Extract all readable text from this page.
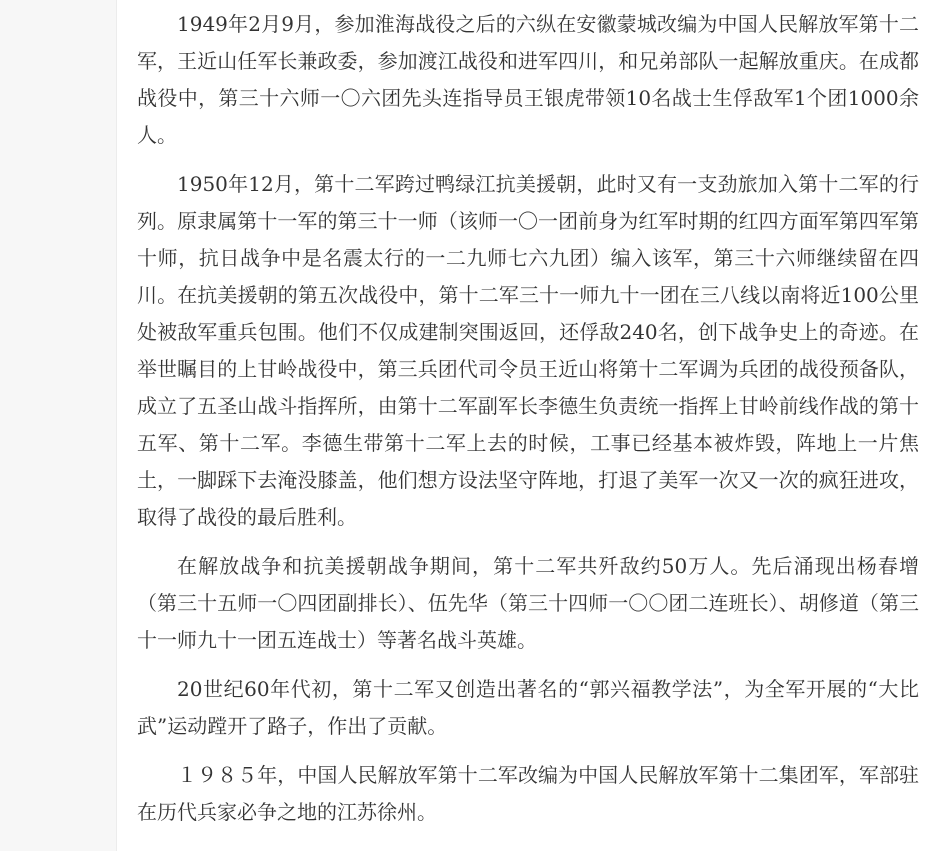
1949年2月9月，参加淮海战役之后的六纵在安徽蒙城改编为中国人民解放军第十二军，王近山任军长兼政委，参加渡江战役和进军四川，和兄弟部队一起解放重庆。在成都战役中，第三十六师一〇六团先头连指导员王银虎带领10名战士生俘敌军1个团1000余人。

1950年12月，第十二军跨过鸭绿江抗美援朝，此时又有一支劲旅加入第十二军的行列。原隶属第十一军的第三十一师（该师一〇一团前身为红军时期的红四方面军第四军第十师，抗日战争中是名震太行的一二九师七六九团）编入该军，第三十六师继续留在四川。在抗美援朝的第五次战役中，第十二军三十一师九十一团在三八线以南将近100公里处被敌军重兵包围。他们不仅成建制突围返回，还俘敌240名，创下战争史上的奇迹。在举世瞩目的上甘岭战役中，第三兵团代司令员王近山将第十二军调为兵团的战役预备队，成立了五圣山战斗指挥所，由第十二军副军长李德生负责统一指挥上甘岭前线作战的第十五军、第十二军。李德生带第十二军上去的时候，工事已经基本被炸毁，阵地上一片焦土，一脚踩下去淹没膝盖，他们想方设法坚守阵地，打退了美军一次又一次的疯狂进攻，取得了战役的最后胜利。

在解放战争和抗美援朝战争期间，第十二军共歼敌约50万人。先后涌现出杨春增（第三十五师一〇四团副排长）、伍先华（第三十四师一〇〇团二连班长）、胡修道（第三十一师九十一团五连战士）等著名战斗英雄。

20世纪60年代初，第十二军又创造出著名的“郭兴福教学法”，为全军开展的“大比武”运动蹚开了路子，作出了贡献。

１９８５年，中国人民解放军第十二军改编为中国人民解放军第十二集团军，军部驻在历代兵家必争之地的江苏徐州。
